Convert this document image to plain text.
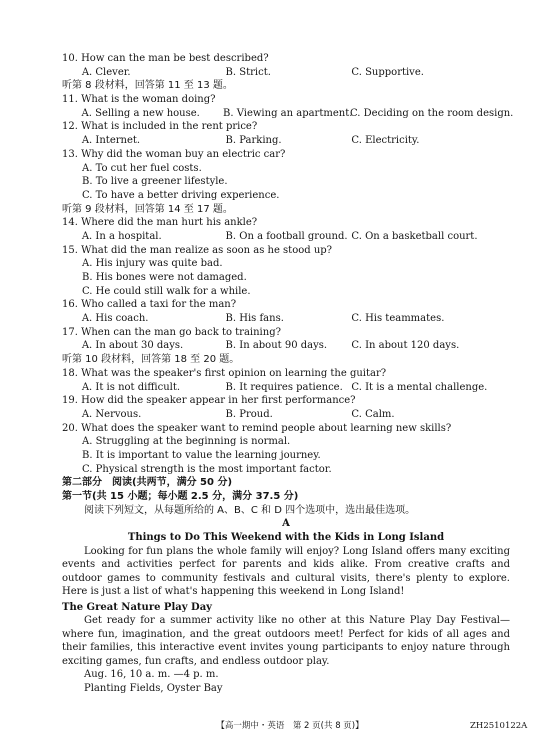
10. How can the man be best described?
A. Clever.	B. Strict.	C. Supportive.
听第 8 段材料，回答第 11 至 13 题。
11. What is the woman doing?
A. Selling a new house.	B. Viewing an apartment.
C. Deciding on the room design.
12. What is included in the rent price?
A. Internet.	B. Parking.	C. Electricity.
13. Why did the woman buy an electric car?
A. To cut her fuel costs.
B. To live a greener lifestyle.
C. To have a better driving experience.
听第 9 段材料，回答第 14 至 17 题。
14. Where did the man hurt his ankle?
A. In a hospital.	B. On a football ground. C. On a basketball court.
15. What did the man realize as soon as he stood up?
A. His injury was quite bad.
B. His bones were not damaged.
C. He could still walk for a while.
16. Who called a taxi for the man?
A. His coach.	B. His fans.	C. His teammates.
17. When can the man go back to training?
A. In about 30 days.	B. In about 90 days.	C. In about 120 days.
听第 10 段材料，回答第 18 至 20 题。
18. What was the speaker's first opinion on learning the guitar?
A. It is not difficult.	B. It requires patience. C. It is a mental challenge.
19. How did the speaker appear in her first performance?
A. Nervous.	B. Proud.	C. Calm.
20. What does the speaker want to remind people about learning new skills?
A. Struggling at the beginning is normal.
B. It is important to value the learning journey.
C. Physical strength is the most important factor.
第二部分　阅读(共两节，满分 50 分)
第一节(共 15 小题；每小题 2.5 分，满分 37.5 分)
阅读下列短文，从每题所给的 A、B、C 和 D 四个选项中，选出最佳选项。
A
Things to Do This Weekend with the Kids in Long Island
Looking for fun plans the whole family will enjoy? Long Island offers many exciting events and activities perfect for parents and kids alike. From creative crafts and outdoor games to community festivals and cultural visits, there's plenty to explore. Here is just a list of what's happening this weekend in Long Island!
The Great Nature Play Day
Get ready for a summer activity like no other at this Nature Play Day Festival—where fun, imagination, and the great outdoors meet! Perfect for kids of all ages and their families, this interactive event invites young participants to enjoy nature through exciting games, fun crafts, and endless outdoor play.
Aug. 16, 10 a. m. —4 p. m.
Planting Fields, Oyster Bay
【高一期中・英语　第 2 页(共 8 页)】	ZH2510122A
